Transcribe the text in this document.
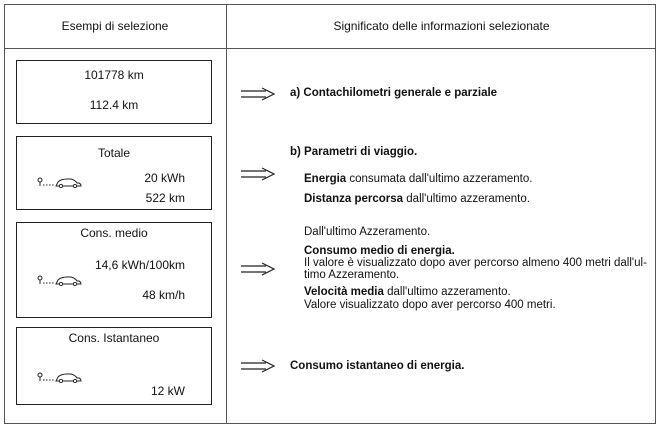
Esempi di selezione	Significato delle informazioni selezionate
101778 km
112.4 km
Totale
20 kWh
522 km
Cons. medio
14,6 kWh/100km
48 km/h
Cons. Istantaneo
12 kW
a) Contachilometri generale e parziale
b) Parametri di viaggio.
Energia consumata dall'ultimo azzeramento.
Distanza percorsa dall'ultimo azzeramento.
Dall'ultimo Azzeramento.
Consumo medio di energia.
Il valore è visualizzato dopo aver percorso almeno 400 metri dall'ul-
timo Azzeramento.
Velocità media dall'ultimo azzeramento.
Valore visualizzato dopo aver percorso 400 metri.
Consumo istantaneo di energia.
